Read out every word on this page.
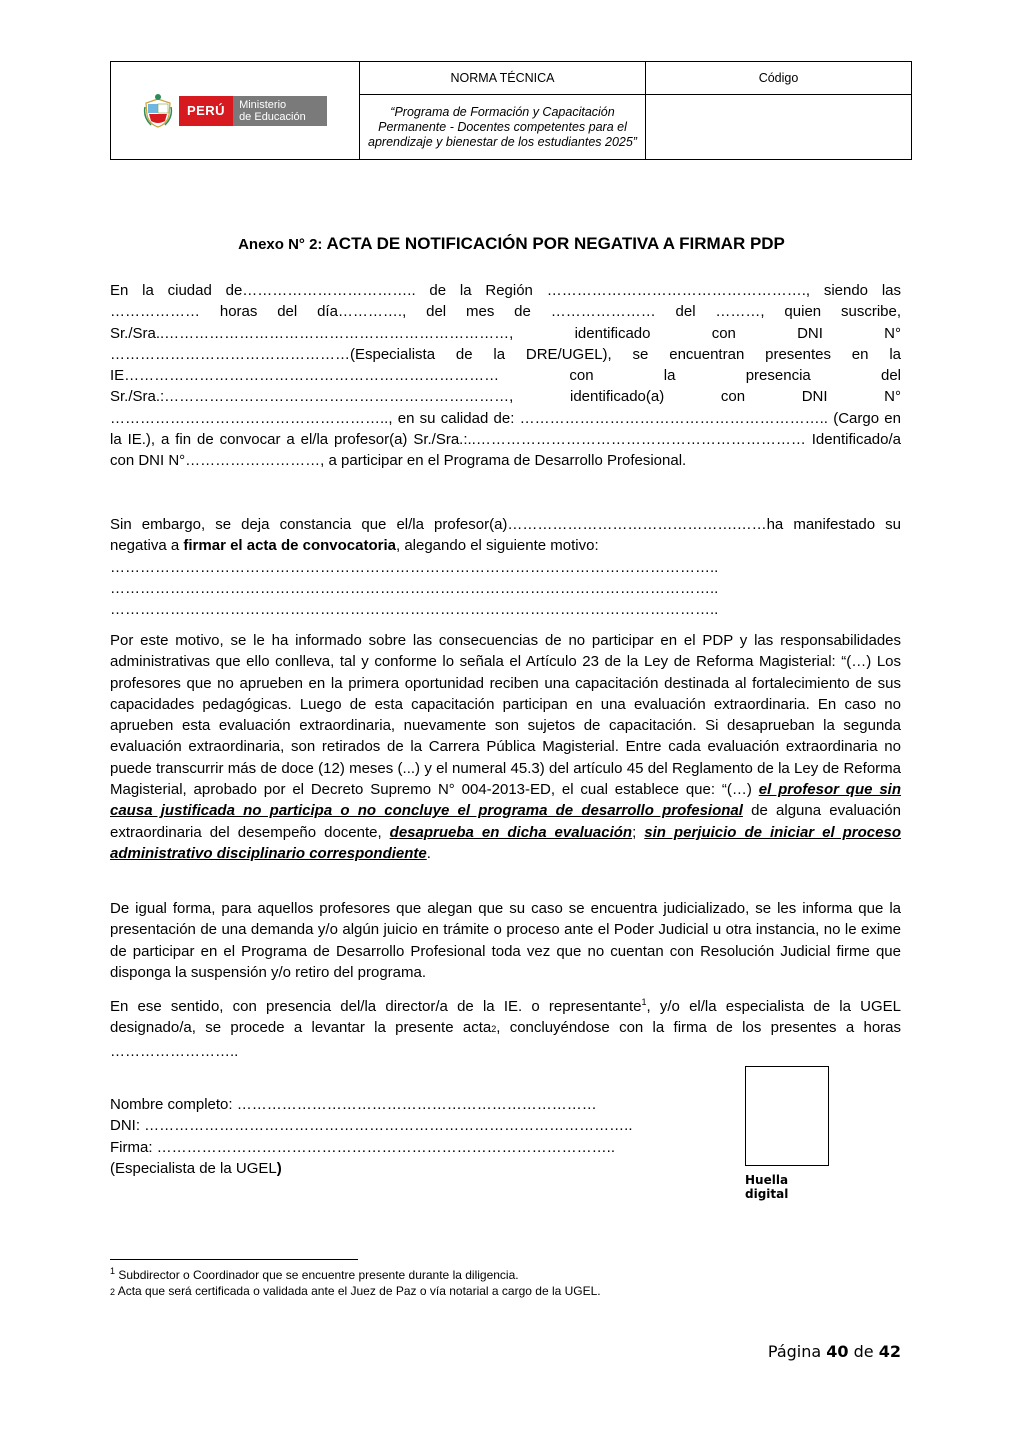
PERÚ Ministerio
de Educación	NORMA TÉCNICA	Código
	“Programa de Formación y Capacitación Permanente - Docentes competentes para el aprendizaje y bienestar de los estudiantes 2025”	
Anexo N° 2: ACTA DE NOTIFICACIÓN POR NEGATIVA A FIRMAR PDP
En la ciudad de…………………………….. de la Región ……………………………………………., siendo las ……………… horas del día…………., del mes de ………………… del ………, quien suscribe, Sr./Sra..……………………………………………………………, identificado con DNI N° …………………………………………(Especialista de la DRE/UGEL), se encuentran presentes en la IE………………………………………………………………… con la presencia del Sr./Sra.:……………………………………………………………, identificado(a) con DNI N° ……………………………………………….., en su calidad de: …………………………………………………….. (Cargo en la IE.), a fin de convocar a el/la profesor(a) Sr./Sra.:..………………………………………………………… Identificado/a con DNI N°………………………, a participar en el Programa de Desarrollo Profesional.
Sin embargo, se deja constancia que el/la profesor(a)……………………………………….……ha manifestado su negativa a firmar el acta de convocatoria, alegando el siguiente motivo:
…………………………………………………………………………………………………………..
…………………………………………………………………………………………………………..
…………………………………………………………………………………………………………..
Por este motivo, se le ha informado sobre las consecuencias de no participar en el PDP y las responsabilidades administrativas que ello conlleva, tal y conforme lo señala el Artículo 23 de la Ley de Reforma Magisterial: “(…) Los profesores que no aprueben en la primera oportunidad reciben una capacitación destinada al fortalecimiento de sus capacidades pedagógicas. Luego de esta capacitación participan en una evaluación extraordinaria. En caso no aprueben esta evaluación extraordinaria, nuevamente son sujetos de capacitación. Si desaprueban la segunda evaluación extraordinaria, son retirados de la Carrera Pública Magisterial. Entre cada evaluación extraordinaria no puede transcurrir más de doce (12) meses (...) y el numeral 45.3) del artículo 45 del Reglamento de la Ley de Reforma Magisterial, aprobado por el Decreto Supremo N° 004-2013-ED, el cual establece que: “(…) el profesor que sin causa justificada no participa o no concluye el programa de desarrollo profesional de alguna evaluación extraordinaria del desempeño docente, desaprueba en dicha evaluación; sin perjuicio de iniciar el proceso administrativo disciplinario correspondiente.
De igual forma, para aquellos profesores que alegan que su caso se encuentra judicializado, se les informa que la presentación de una demanda y/o algún juicio en trámite o proceso ante el Poder Judicial u otra instancia, no le exime de participar en el Programa de Desarrollo Profesional toda vez que no cuentan con Resolución Judicial firme que disponga la suspensión y/o retiro del programa.
En ese sentido, con presencia del/la director/a de la IE. o representante$^1$, y/o el/la especialista de la UGEL designado/a, se procede a levantar la presente acta2, concluyéndose con la firma de los presentes a horas ……………………..
Nombre completo: ………………………………………………………………
DNI: ……………………………………………………………………………………..
Firma: ………………………………………………………………………………..
(Especialista de la UGEL)
Huella digital
$^1$ Subdirector o Coordinador que se encuentre presente durante la diligencia.
2 Acta que será certificada o validada ante el Juez de Paz o vía notarial a cargo de la UGEL.
Página 40 de 42
